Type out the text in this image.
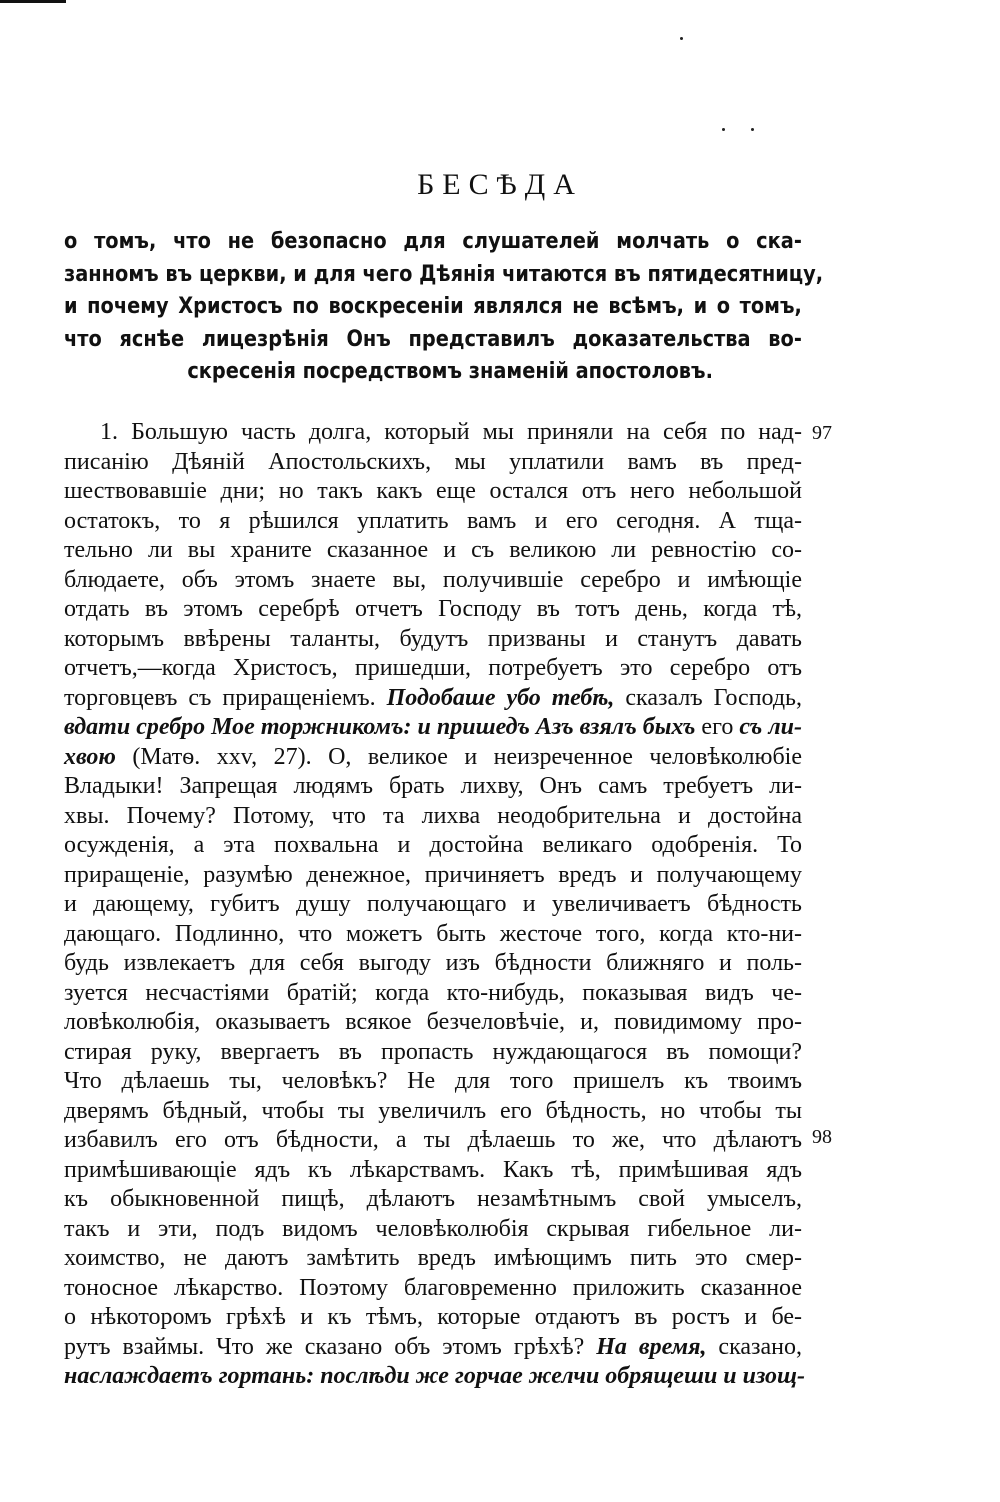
БЕСѢДА
о томъ, что не безопасно для слушателей молчать о ска-
занномъ въ церкви, и для чего Дѣянія читаются въ пятидесятницу,
и почему Христосъ по воскресеніи являлся не всѣмъ, и о томъ,
что яснѣе лицезрѣнія Онъ представилъ доказательства во-
скресенія посредствомъ знаменій апостоловъ.
97
98
1. Большую часть долга, который мы приняли на себя по над-
писанію Дѣяній Апостольскихъ, мы уплатили вамъ въ пред-
шествовавшіе дни; но такъ какъ еще остался отъ него небольшой
остатокъ, то я рѣшился уплатить вамъ и его сегодня. А тща-
тельно ли вы храните сказанное и съ великою ли ревностію со-
блюдаете, объ этомъ знаете вы, получившіе серебро и имѣющіе
отдать въ этомъ серебрѣ отчетъ Господу въ тотъ день, когда тѣ,
которымъ ввѣрены таланты, будутъ призваны и станутъ давать
отчетъ,—когда Христосъ, пришедши, потребуетъ это серебро отъ
торговцевъ съ приращеніемъ. Подобаше убо тебѣ, сказалъ Господь,
вдати сребро Мое торжникомъ: и пришедъ Азъ взялъ быхъ его съ ли-
хвою (Матѳ. xxv, 27). О, великое и неизреченное человѣколюбіе
Владыки! Запрещая людямъ брать лихву, Онъ самъ требуетъ ли-
хвы. Почему? Потому, что та лихва неодобрительна и достойна
осужденія, а эта похвальна и достойна великаго одобренія. То
приращеніе, разумѣю денежное, причиняетъ вредъ и получающему
и дающему, губитъ душу получающаго и увеличиваетъ бѣдность
дающаго. Подлинно, что можетъ быть жесточе того, когда кто-ни-
будь извлекаетъ для себя выгоду изъ бѣдности ближняго и поль-
зуется несчастіями братій; когда кто-нибудь, показывая видъ че-
ловѣколюбія, оказываетъ всякое безчеловѣчіе, и, повидимому про-
стирая руку, ввергаетъ въ пропасть нуждающагося въ помощи?
Что дѣлаешь ты, человѣкъ? Не для того пришелъ къ твоимъ
дверямъ бѣдный, чтобы ты увеличилъ его бѣдность, но чтобы ты
избавилъ его отъ бѣдности, а ты дѣлаешь то же, что дѣлаютъ
примѣшивающіе ядъ къ лѣкарствамъ. Какъ тѣ, примѣшивая ядъ
къ обыкновенной пищѣ, дѣлаютъ незамѣтнымъ свой умыселъ,
такъ и эти, подъ видомъ человѣколюбія скрывая гибельное ли-
хоимство, не даютъ замѣтить вредъ имѣющимъ пить это смер-
тоносное лѣкарство. Поэтому благовременно приложить сказанное
о нѣкоторомъ грѣхѣ и къ тѣмъ, которые отдаютъ въ ростъ и бе-
рутъ взаймы. Что же сказано объ этомъ грѣхѣ? На время, сказано,
наслаждаетъ гортань: послѣди же горчае желчи обрящеши и изощ-
